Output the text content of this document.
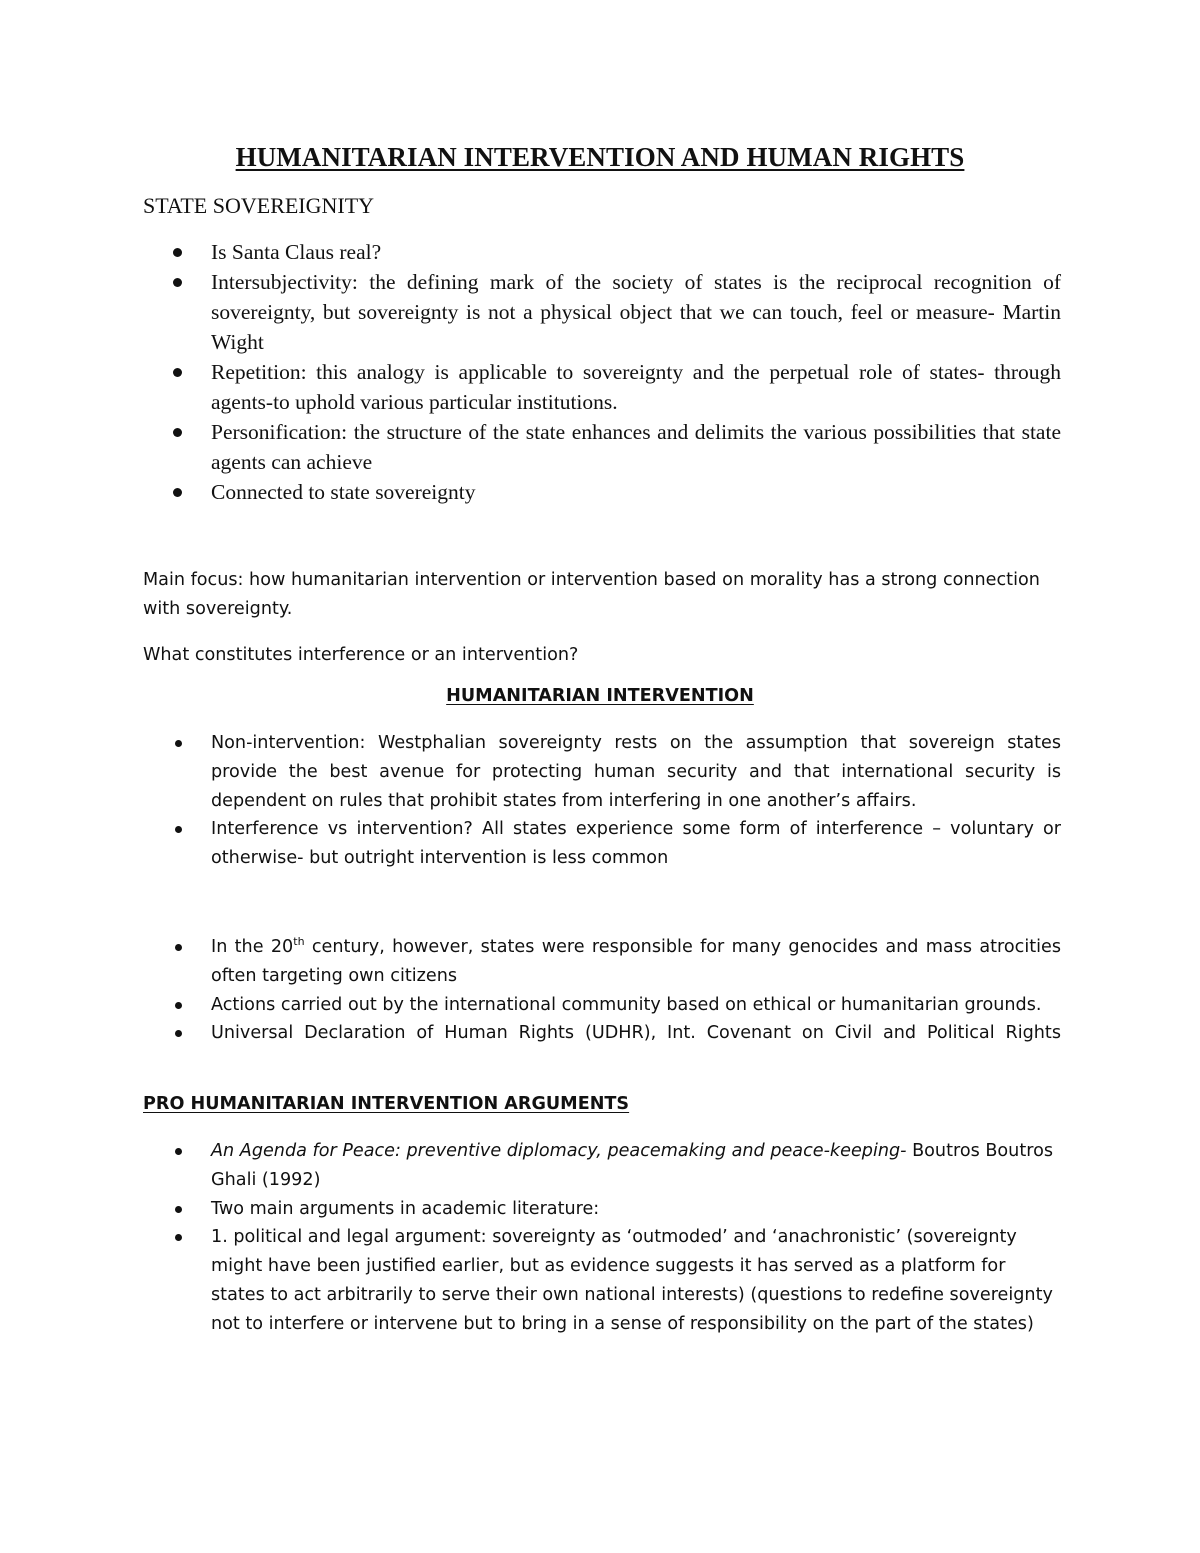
HUMANITARIAN INTERVENTION AND HUMAN RIGHTS
STATE SOVEREIGNITY
Is Santa Claus real?
Intersubjectivity: the defining mark of the society of states is the reciprocal recognition of sovereignty, but sovereignty is not a physical object that we can touch, feel or measure- Martin Wight
Repetition: this analogy is applicable to sovereignty and the perpetual role of states- through agents-to uphold various particular institutions.
Personification: the structure of the state enhances and delimits the various possibilities that state agents can achieve
Connected to state sovereignty

Main focus: how humanitarian intervention or intervention based on morality has a strong connection with sovereignty.

What constitutes interference or an intervention?

HUMANITARIAN INTERVENTION
Non-intervention: Westphalian sovereignty rests on the assumption that sovereign states provide the best avenue for protecting human security and that international security is dependent on rules that prohibit states from interfering in one another’s affairs.
Interference vs intervention? All states experience some form of interference – voluntary or otherwise- but outright intervention is less common
In the 20th century, however, states were responsible for many genocides and mass atrocities often targeting own citizens
Actions carried out by the international community based on ethical or humanitarian grounds.
Universal Declaration of Human Rights (UDHR), Int. Covenant on Civil and Political Rights
PRO HUMANITARIAN INTERVENTION ARGUMENTS
An Agenda for Peace: preventive diplomacy, peacemaking and peace-keeping- Boutros Boutros Ghali (1992)
Two main arguments in academic literature:
1. political and legal argument: sovereignty as ‘outmoded’ and ‘anachronistic’ (sovereignty might have been justified earlier, but as evidence suggests it has served as a platform for states to act arbitrarily to serve their own national interests) (questions to redefine sovereignty not to interfere or intervene but to bring in a sense of responsibility on the part of the states)
